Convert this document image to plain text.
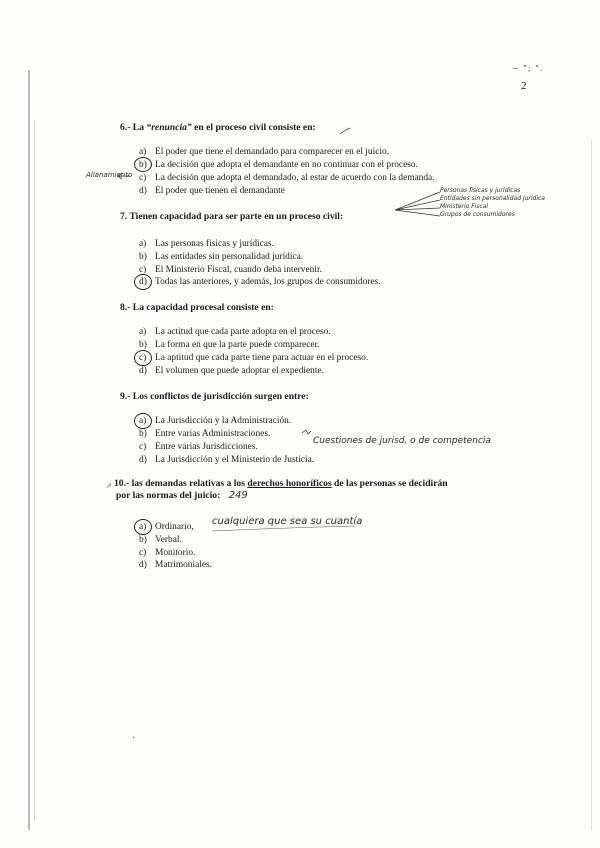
~ "; ".
2
6.- La “renuncia” en el proceso civil consiste en:
a) El poder que tiene el demandado para comparecer en el juicio.
b) La decisión que adopta el demandante en no continuar con el proceso.
c) La decisión que adopta el demandado, al estar de acuerdo con la demanda.
d) El poder que tienen el demandante
Allanamiento
7. Tienen capacidad para ser parte en un proceso civil:
Personas físicas y jurídicas
Entidades sin personalidad jurídica
Ministerio Fiscal
Grupos de consumidores
a) Las personas físicas y jurídicas.
b) Las entidades sin personalidad jurídica.
c) El Ministerio Fiscal, cuando deba intervenir.
d) Todas las anteriores, y además, los grupos de consumidores.
8.- La capacidad procesal consiste en:
a) La actitud que cada parte adopta en el proceso.
b) La forma en que la parte puede comparecer.
c) La aptitud que cada parte tiene para actuar en el proceso.
d) El volumen que puede adoptar el expediente.
9.- Los conflictos de jurisdicción surgen entre:
a) La Jurisdicción y la Administración.
b) Entre varias Administraciones.
c) Entre varias Jurisdicciones.
Cuestiones de jurisd. o de competencia
d) La Jurisdicción y el Ministerio de Justicia.
10.- las demandas relativas a los derechos honoríficos de las personas se decidirán
por las normas del juicio: 249
↗
a) Ordinario, cualquiera que sea su cuantía
b) Verbal.
c) Monitorio.
d) Matrimoniales.
